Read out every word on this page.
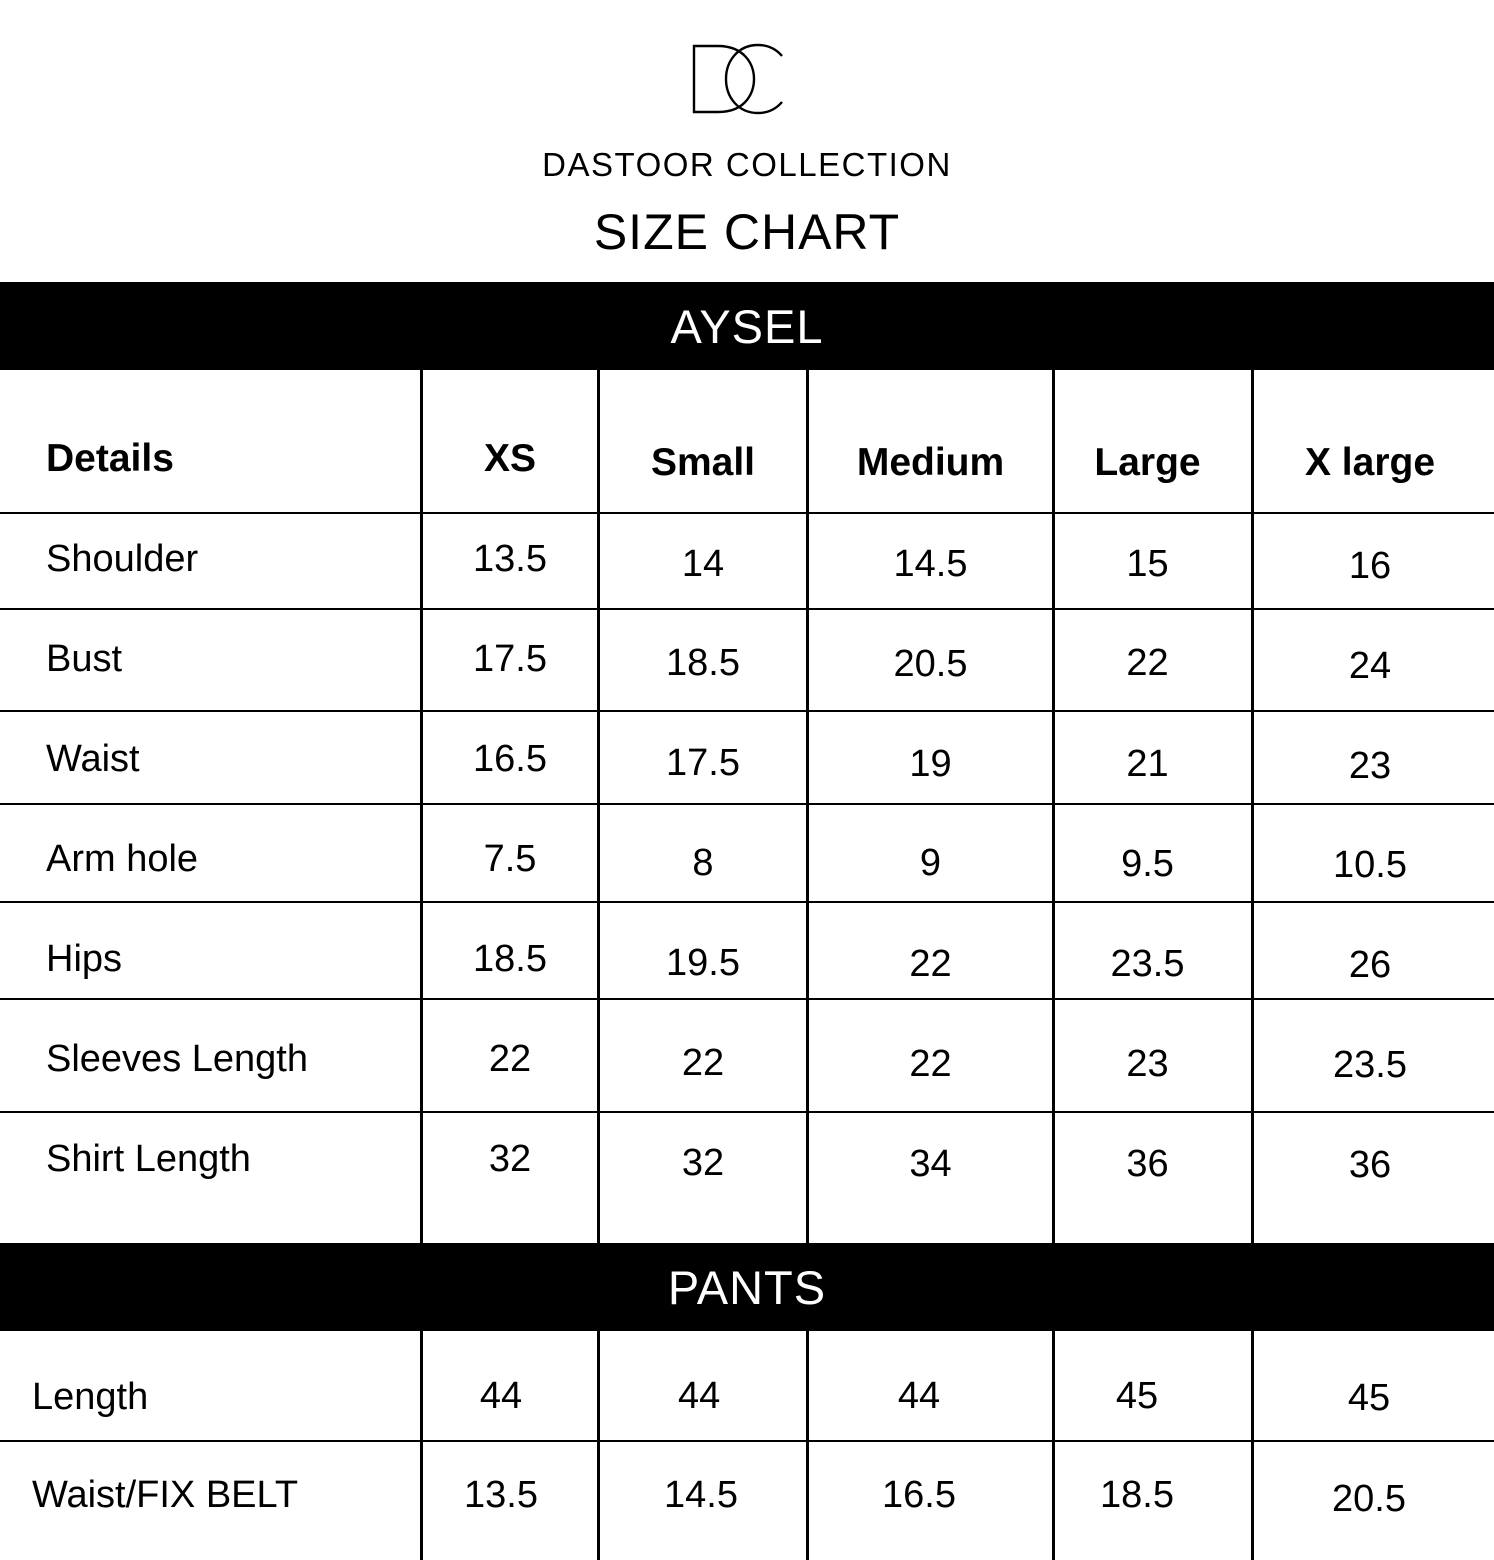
DASTOOR COLLECTION
SIZE CHART
AYSEL
Details	XS	Small	Medium	Large	X large
Shoulder	13.5	14	14.5	15	16
Bust	17.5	18.5	20.5	22	24
Waist	16.5	17.5	19	21	23
Arm hole	7.5	8	9	9.5	10.5
Hips	18.5	19.5	22	23.5	26
Sleeves Length	22	22	22	23	23.5
Shirt Length	32	32	34	36	36
PANTS
Length	44	44	44	45	45
Waist/FIX BELT	13.5	14.5	16.5	18.5	20.5
